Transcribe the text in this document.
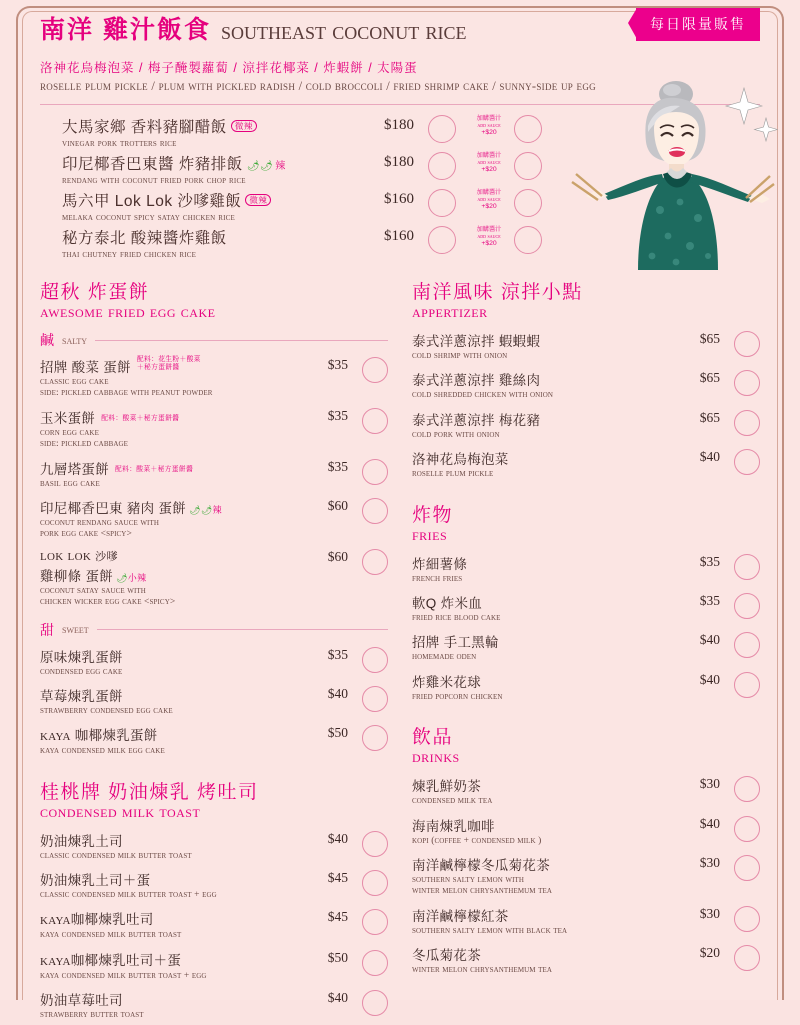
南洋 雞汁飯食 southeast coconut rice	每日限量販售
洛神花烏梅泡菜 / 梅子醃製蘿蔔 / 涼拌花椰菜 / 炸蝦餅 / 太陽蛋
roselle plum pickle / plum with pickled radish / cold broccoli / fried shrimp cake / sunny-side up egg
大馬家鄉 香料豬腳醋飯 微辣
vinegar pork trotters rice
$180	加購醬汁
add sauce
+$20
印尼椰香巴東醬 炸豬排飯 🌶🌶 辣
rendang with coconut fried pork chop rice
$180	加購醬汁
add sauce
+$20
馬六甲 Lok Lok 沙嗲雞飯 微辣
melaka coconut spicy satay chicken rice
$160	加購醬汁
add sauce
+$20
秘方泰北 酸辣醬炸雞飯
thai chutney fried chicken rice
$160	加購醬汁
add sauce
+$20
超秋 炸蛋餅
awesome fried egg cake
鹹 salty
招牌 酸菜 蛋餅配料：花生粉＋酸菜
＋秘方蛋餅醬
classic egg cake
side: pickled cabbage with peanut powder
$35
玉米蛋餅 配料：酸菜＋秘方蛋餅醬
corn egg cake
side: pickled cabbage
$35
九層塔蛋餅 配料：酸菜＋秘方蛋餅醬
basil egg cake
$35
印尼椰香巴東 豬肉 蛋餅 🌶🌶辣
coconut rendang sauce with
pork egg cake <spicy>
$60
lok lok 沙嗲
雞柳條 蛋餅 🌶小辣
coconut satay sauce with
chicken wicker egg cake <spicy>
$60
甜 sweet
原味煉乳蛋餅
condensed egg cake
$35
草莓煉乳蛋餅
strawberry condensed egg cake
$40
kaya 咖椰煉乳蛋餅
kaya condensed milk egg cake
$50
桂桃牌 奶油煉乳 烤吐司
condensed milk toast
奶油煉乳土司
classic condensed milk butter toast
$40
奶油煉乳土司＋蛋
classic condensed milk butter toast + egg
$45
kaya咖椰煉乳吐司
kaya condensed milk butter toast
$45
kaya咖椰煉乳吐司＋蛋
kaya condensed milk butter toast + egg
$50
奶油草莓吐司
strawberry butter toast
$40
南洋風味 涼拌小點
appertizer
泰式洋蔥涼拌 蝦蝦蝦
cold shrimp with onion
$65
泰式洋蔥涼拌 雞絲肉
cold shredded chicken with onion
$65
泰式洋蔥涼拌 梅花豬
cold pork with onion
$65
洛神花烏梅泡菜
roselle plum pickle
$40
炸物
fries
炸細薯條
french fries
$35
軟Q 炸米血
fried rice blood cake
$35
招牌 手工黑輪
homemade oden
$40
炸雞米花球
fried popcorn chicken
$40
飲品
drinks
煉乳鮮奶茶
condensed milk tea
$30
海南煉乳咖啡
kopi (coffee + condensed milk )
$40
南洋鹹檸檬冬瓜菊花茶
southern salty lemon with
winter melon chrysanthemum tea
$30
南洋鹹檸檬紅茶
southern salty lemon with black tea
$30
冬瓜菊花茶
winter melon chrysanthemum tea
$20
